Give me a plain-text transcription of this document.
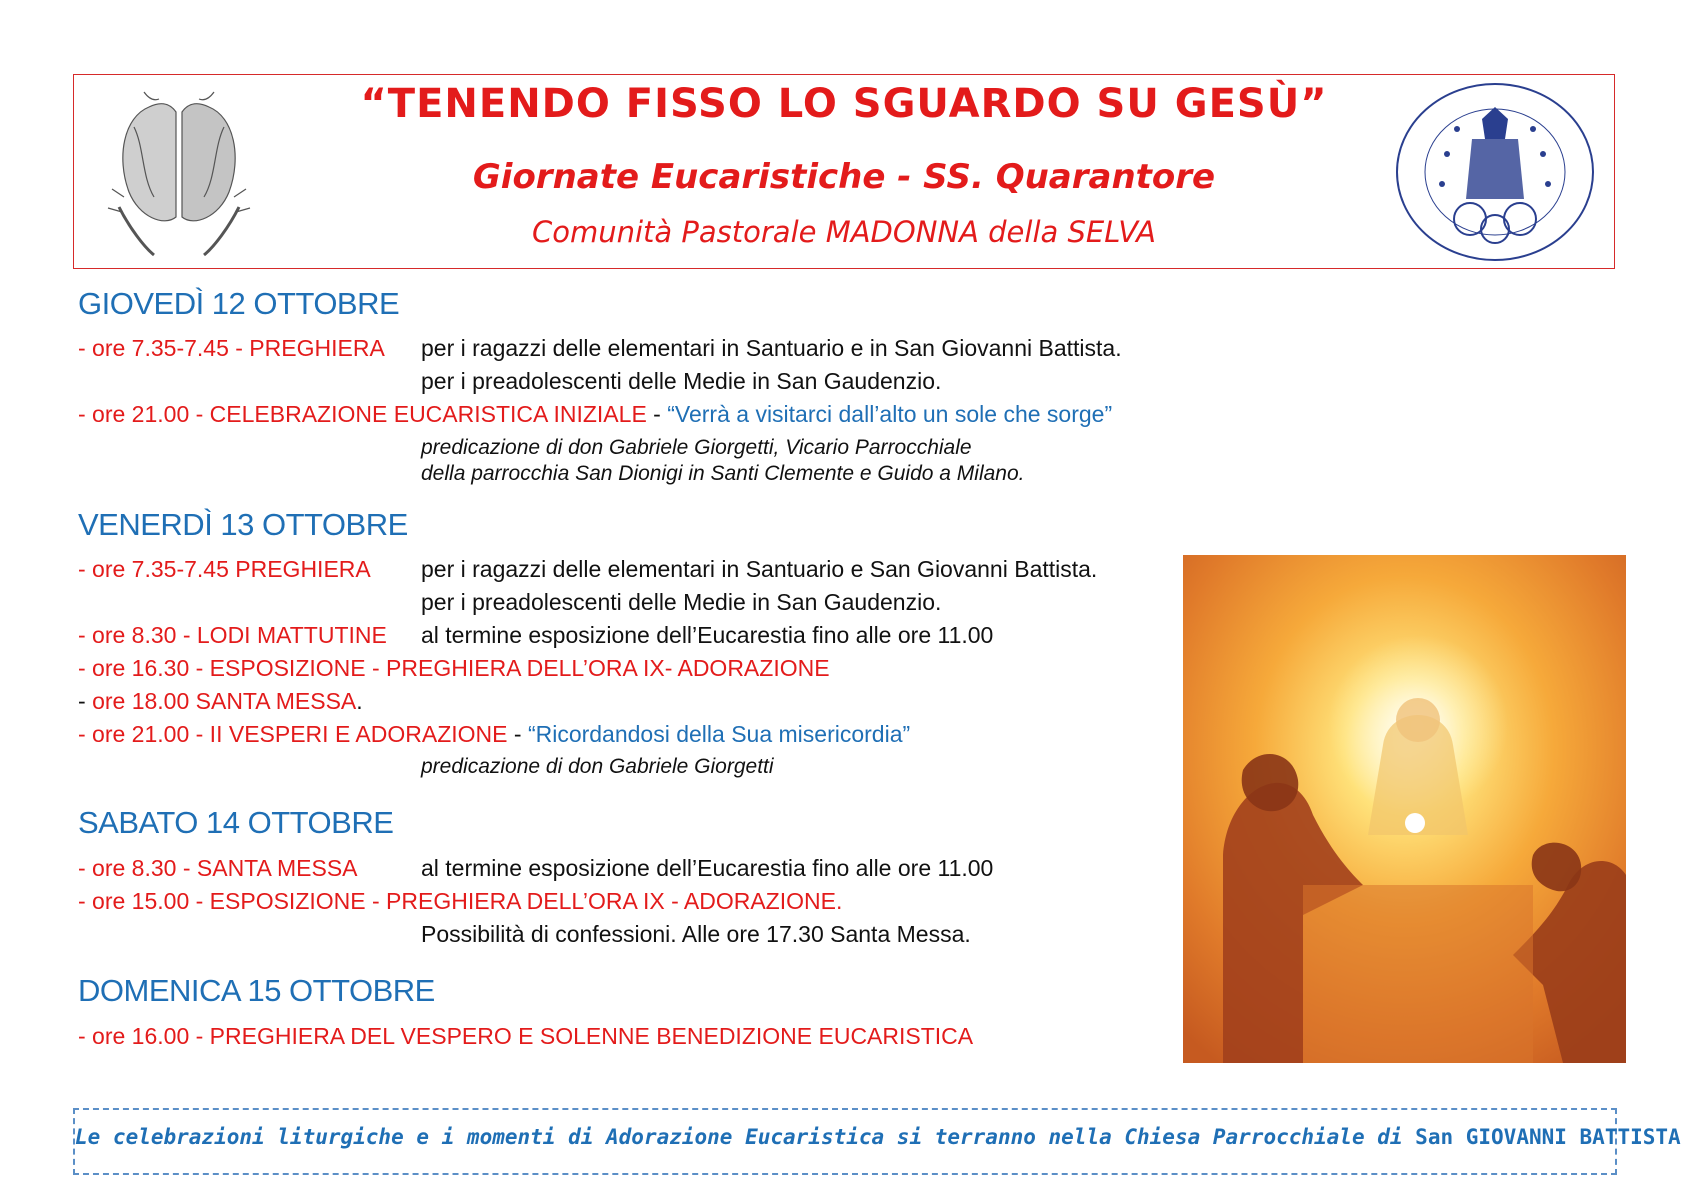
“TENENDO FISSO LO SGUARDO SU GESÙ”
Giornate Eucaristiche - SS. Quarantore
Comunità Pastorale MADONNA della SELVA
GIOVEDÌ 12 OTTOBRE
- ore 7.35-7.45 - PREGHIERA per i ragazzi delle elementari in Santuario e in San Giovanni Battista.
per i preadolescenti delle Medie in San Gaudenzio.
- ore 21.00 - CELEBRAZIONE EUCARISTICA INIZIALE - “Verrà a visitarci dall’alto un sole che sorge”
predicazione di don Gabriele Giorgetti, Vicario Parrocchiale
della parrocchia San Dionigi in Santi Clemente e Guido a Milano.
VENERDÌ 13 OTTOBRE
- ore 7.35-7.45 PREGHIERA per i ragazzi delle elementari in Santuario e San Giovanni Battista.
per i preadolescenti delle Medie in San Gaudenzio.
- ore 8.30 - LODI MATTUTINE al termine esposizione dell’Eucarestia fino alle ore 11.00
- ore 16.30 - ESPOSIZIONE - PREGHIERA DELL’ORA IX- ADORAZIONE
- ore 18.00 SANTA MESSA.
- ore 21.00 - II VESPERI E ADORAZIONE - “Ricordandosi della Sua misericordia”
predicazione di don Gabriele Giorgetti
SABATO 14 OTTOBRE
- ore 8.30 - SANTA MESSA	al termine esposizione dell’Eucarestia fino alle ore 11.00
- ore 15.00 - ESPOSIZIONE - PREGHIERA DELL’ORA IX - ADORAZIONE.
Possibilità di confessioni. Alle ore 17.30 Santa Messa.
DOMENICA 15 OTTOBRE
- ore 16.00 - PREGHIERA DEL VESPERO E SOLENNE BENEDIZIONE EUCARISTICA
Le celebrazioni liturgiche e i momenti di Adorazione Eucaristica si terranno nella Chiesa Parrocchiale di San GIOVANNI BATTISTA
